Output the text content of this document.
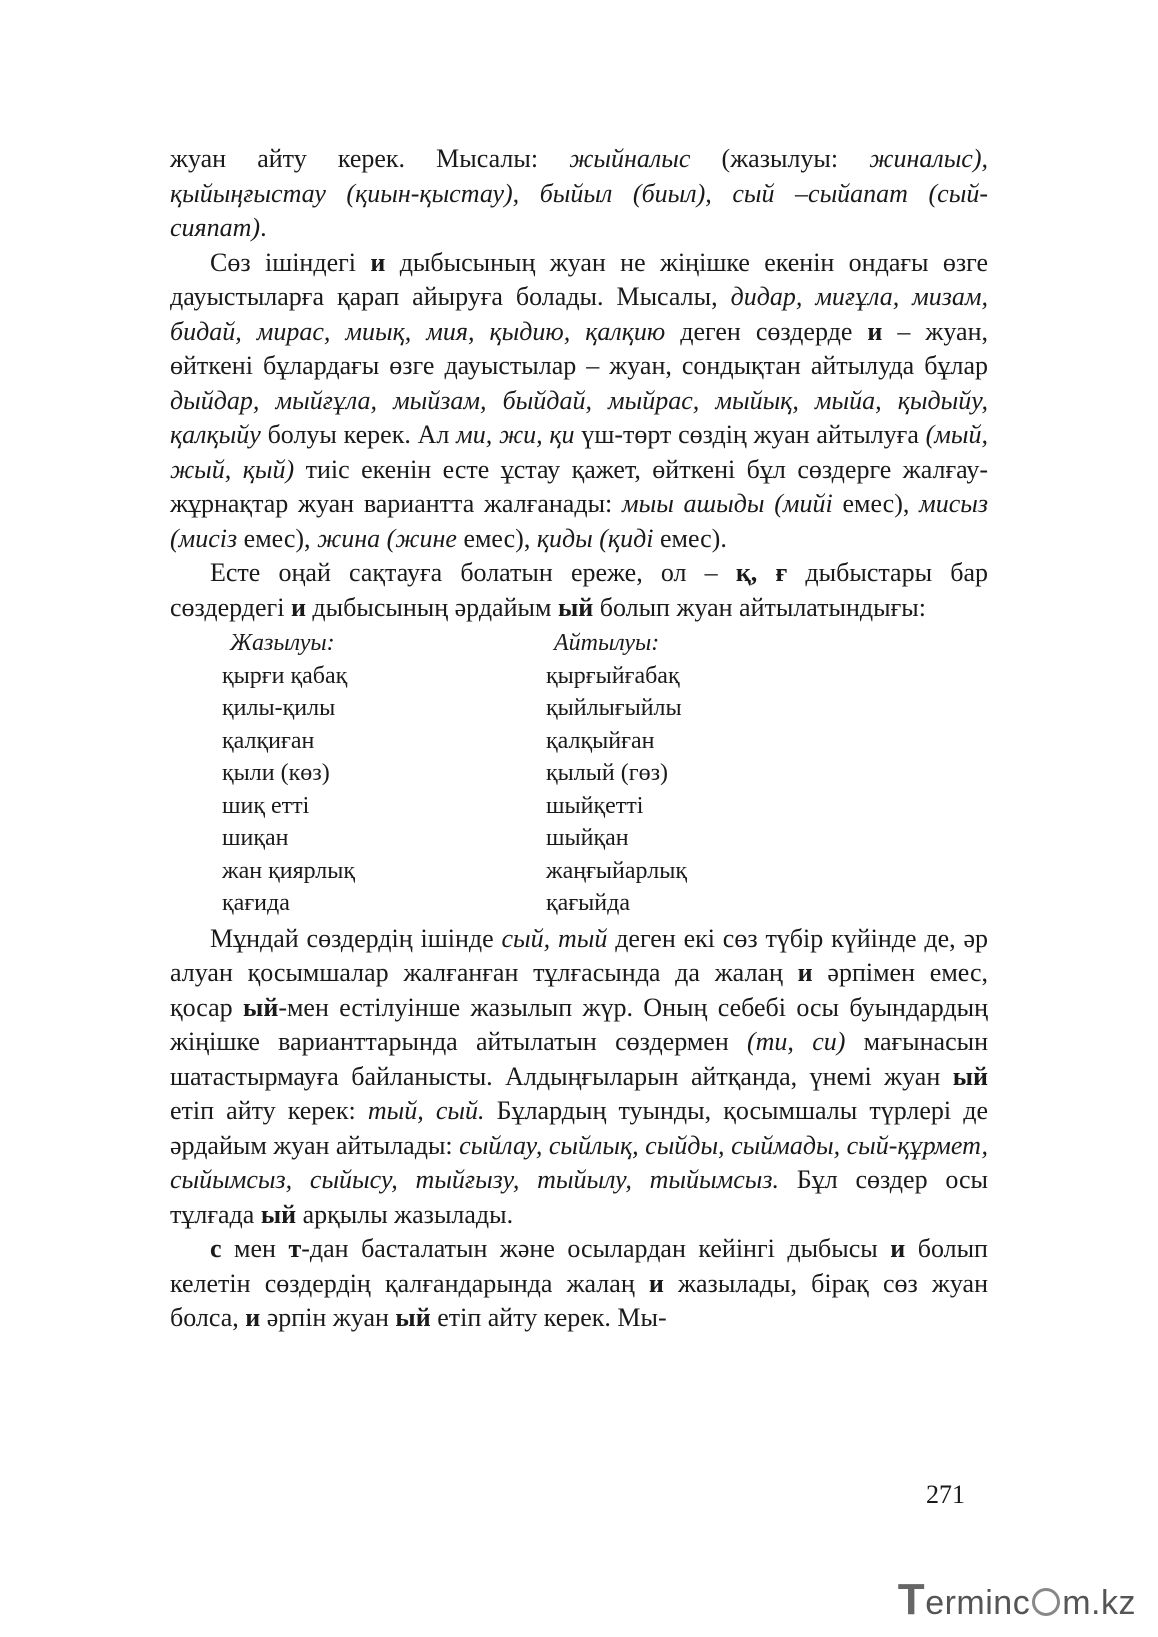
жуан айту керек. Мысалы: жыйналыс (жазылуы: жиналыс), қыйыңғыстау (қиын-қыстау), быйыл (биыл), сый –сыйапат (сый-сияпат).

Сөз ішіндегі и дыбысының жуан не жіңішке екенін ондағы өзге дауыстыларға қарап айыруға болады. Мысалы, дидар, миғұла, мизам, бидай, мирас, миық, мия, қыдию, қалқию деген сөздерде и – жуан, өйткені бұлардағы өзге дауыстылар – жуан, сондықтан айтылуда бұлар дыйдар, мыйғұла, мыйзам, быйдай, мыйрас, мыйық, мыйа, қыдыйу, қалқыйу болуы керек. Ал ми, жи, қи үш-төрт сөздің жуан айтылуға (мый, жый, қый) тиіс екенін есте ұстау қажет, өйткені бұл сөздерге жалғау-жұрнақтар жуан вариантта жалғанады: мыы ашыды (мийі емес), мисыз (мисіз емес), жина (жине емес), қиды (қиді емес).

Есте оңай сақтауға болатын ереже, ол – қ, ғ дыбыстары бар сөздердегі и дыбысының әрдайым ый болып жуан айтылатындығы:

Жазылуы:	Айтылуы:
қырғи қабақ	қырғыйғабақ
қилы-қилы	қыйлығыйлы
қалқиған	қалқыйған
қыли (көз)	қылый (гөз)
шиқ етті	шыйқетті
шиқан	шыйқан
жан қиярлық	жаңғыйарлық
қағида	қағыйда

Мұндай сөздердің ішінде сый, тый деген екі сөз түбір күйінде де, әр алуан қосымшалар жалғанған тұлғасында да жалаң и әрпімен емес, қосар ый-мен естілуінше жазылып жүр. Оның себебі осы буындардың жіңішке варианттарында айтылатын сөздермен (ти, си) мағынасын шатастырмауға байланысты. Алдыңғыларын айтқанда, үнемі жуан ый етіп айту керек: тый, сый. Бұлардың туынды, қосымшалы түрлері де әрдайым жуан айтылады: сыйлау, сыйлық, сыйды, сыймады, сый-құрмет, сыйымсыз, сыйысу, тыйғызу, тыйылу, тыйымсыз. Бұл сөздер осы тұлғада ый арқылы жазылады.

с мен т-дан басталатын және осылардан кейінгі дыбысы и болып келетін сөздердің қалғандарында жалаң и жазылады, бірақ сөз жуан болса, и әрпін жуан ый етіп айту керек. Мы-

271
Terminc m.kz
